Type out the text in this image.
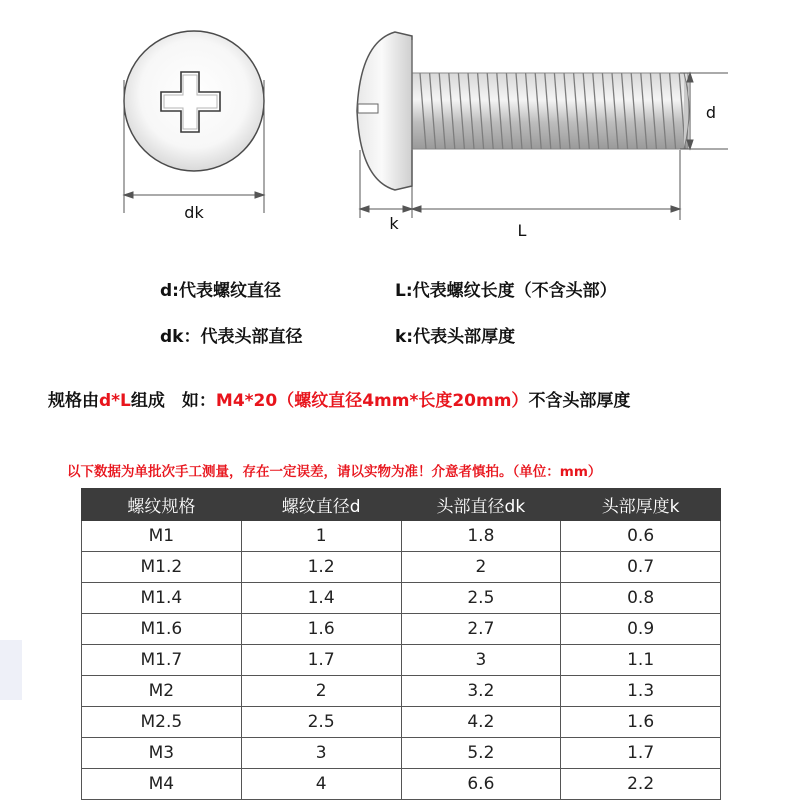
dk
k	L
d
d:代表螺纹直径	L:代表螺纹长度（不含头部）
dk：代表头部直径	k:代表头部厚度
规格由d*L组成　如：M4*20（螺纹直径4mm*长度20mm）不含头部厚度
以下数据为单批次手工测量，存在一定误差，请以实物为准！介意者慎拍。（单位：mm）
螺纹规格	螺纹直径d	头部直径dk	头部厚度k
M1	1	1.8	0.6
M1.2	1.2	2	0.7
M1.4	1.4	2.5	0.8
M1.6	1.6	2.7	0.9
M1.7	1.7	3	1.1
M2	2	3.2	1.3
M2.5	2.5	4.2	1.6
M3	3	5.2	1.7
M4	4	6.6	2.2
